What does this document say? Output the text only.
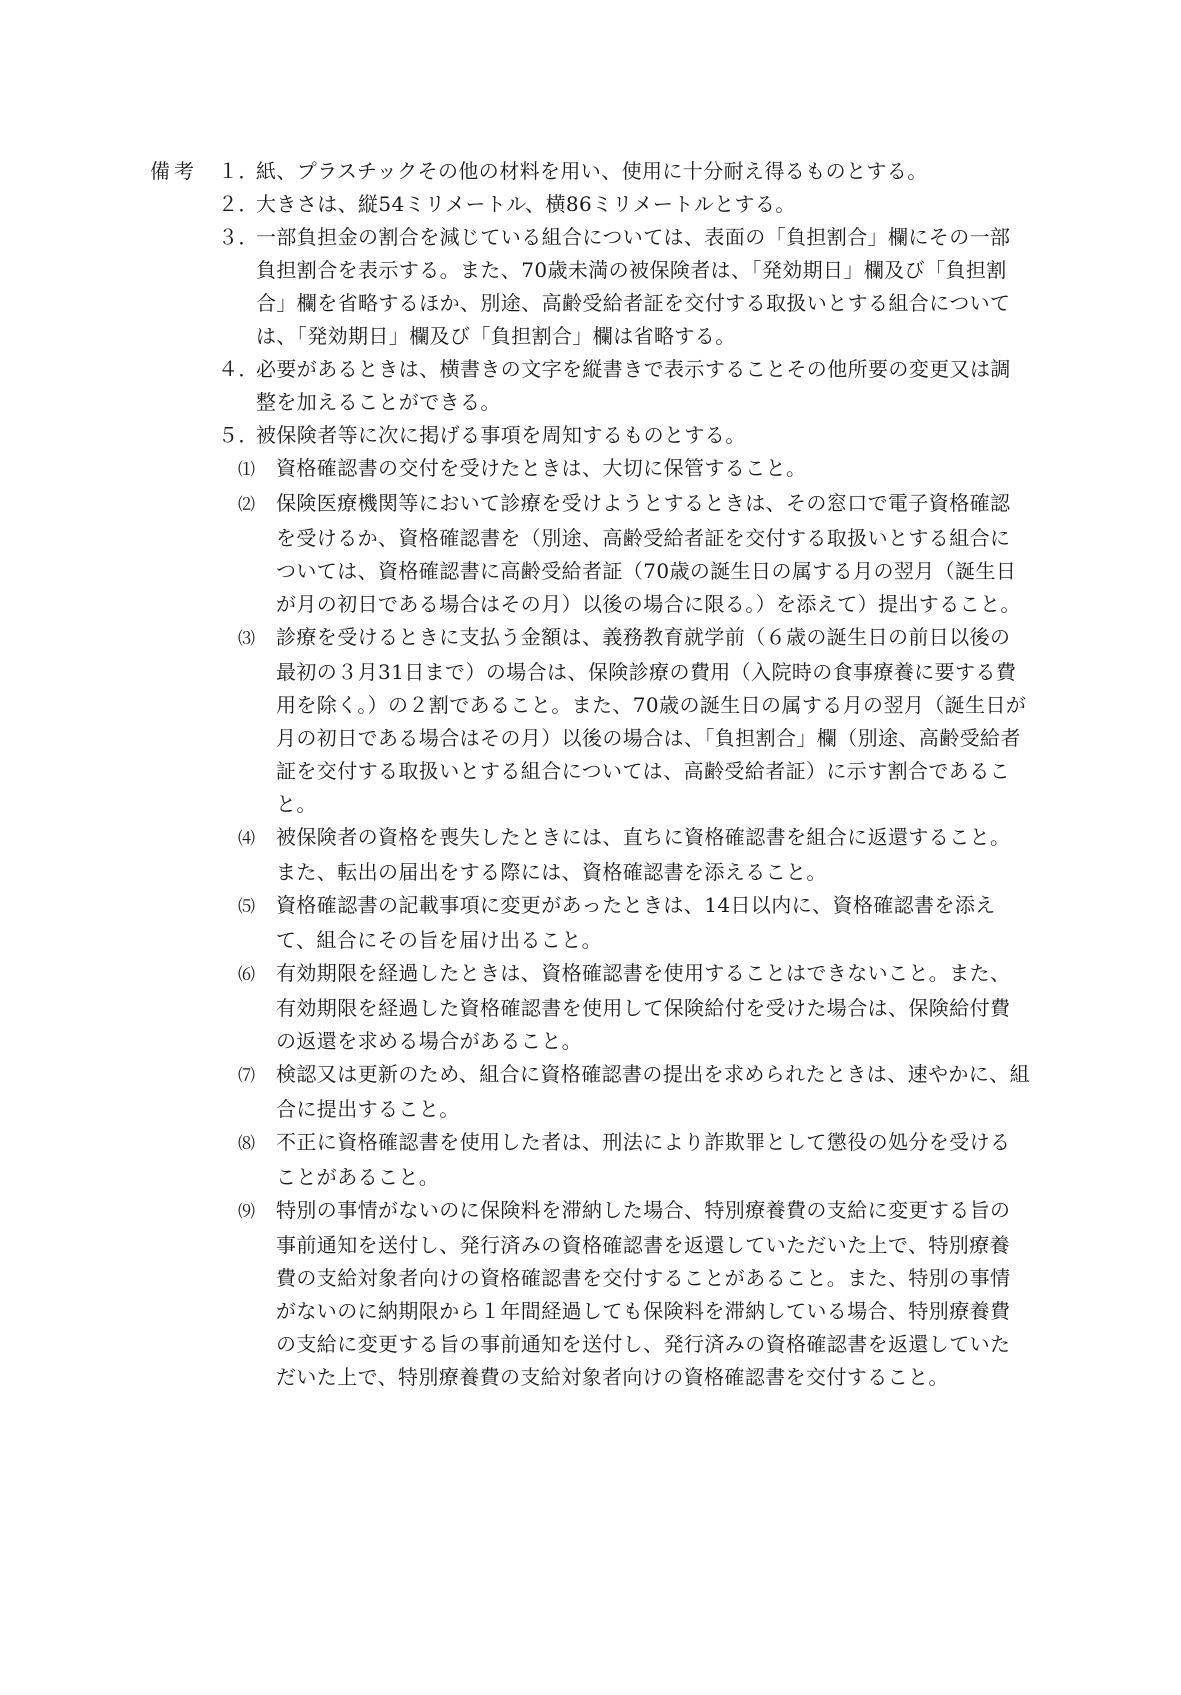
備考	１．紙、プラスチックその他の材料を用い、使用に十分耐え得るものとする。
２．大きさは、縦54ミリメートル、横86ミリメートルとする。
３．一部負担金の割合を減じている組合については、表面の「負担割合」欄にその一部負担割合を表示する。また、70歳未満の被保険者は、「発効期日」欄及び「負担割合」欄を省略するほか、別途、高齢受給者証を交付する取扱いとする組合については、「発効期日」欄及び「負担割合」欄は省略する。
４．必要があるときは、横書きの文字を縦書きで表示することその他所要の変更又は調整を加えることができる。
５．被保険者等に次に掲げる事項を周知するものとする。
⑴ 資格確認書の交付を受けたときは、大切に保管すること。
⑵ 保険医療機関等において診療を受けようとするときは、その窓口で電子資格確認を受けるか、資格確認書を（別途、高齢受給者証を交付する取扱いとする組合については、資格確認書に高齢受給者証（70歳の誕生日の属する月の翌月（誕生日が月の初日である場合はその月）以後の場合に限る。）を添えて）提出すること。
⑶ 診療を受けるときに支払う金額は、義務教育就学前（６歳の誕生日の前日以後の最初の３月31日まで）の場合は、保険診療の費用（入院時の食事療養に要する費用を除く。）の２割であること。また、70歳の誕生日の属する月の翌月（誕生日が月の初日である場合はその月）以後の場合は、「負担割合」欄（別途、高齢受給者証を交付する取扱いとする組合については、高齢受給者証）に示す割合であること。
⑷ 被保険者の資格を喪失したときには、直ちに資格確認書を組合に返還すること。また、転出の届出をする際には、資格確認書を添えること。
⑸ 資格確認書の記載事項に変更があったときは、14日以内に、資格確認書を添えて、組合にその旨を届け出ること。
⑹ 有効期限を経過したときは、資格確認書を使用することはできないこと。また、有効期限を経過した資格確認書を使用して保険給付を受けた場合は、保険給付費の返還を求める場合があること。
⑺ 検認又は更新のため、組合に資格確認書の提出を求められたときは、速やかに、組合に提出すること。
⑻ 不正に資格確認書を使用した者は、刑法により詐欺罪として懲役の処分を受けることがあること。
⑼ 特別の事情がないのに保険料を滞納した場合、特別療養費の支給に変更する旨の事前通知を送付し、発行済みの資格確認書を返還していただいた上で、特別療養費の支給対象者向けの資格確認書を交付することがあること。また、特別の事情がないのに納期限から１年間経過しても保険料を滞納している場合、特別療養費の支給に変更する旨の事前通知を送付し、発行済みの資格確認書を返還していただいた上で、特別療養費の支給対象者向けの資格確認書を交付すること。
